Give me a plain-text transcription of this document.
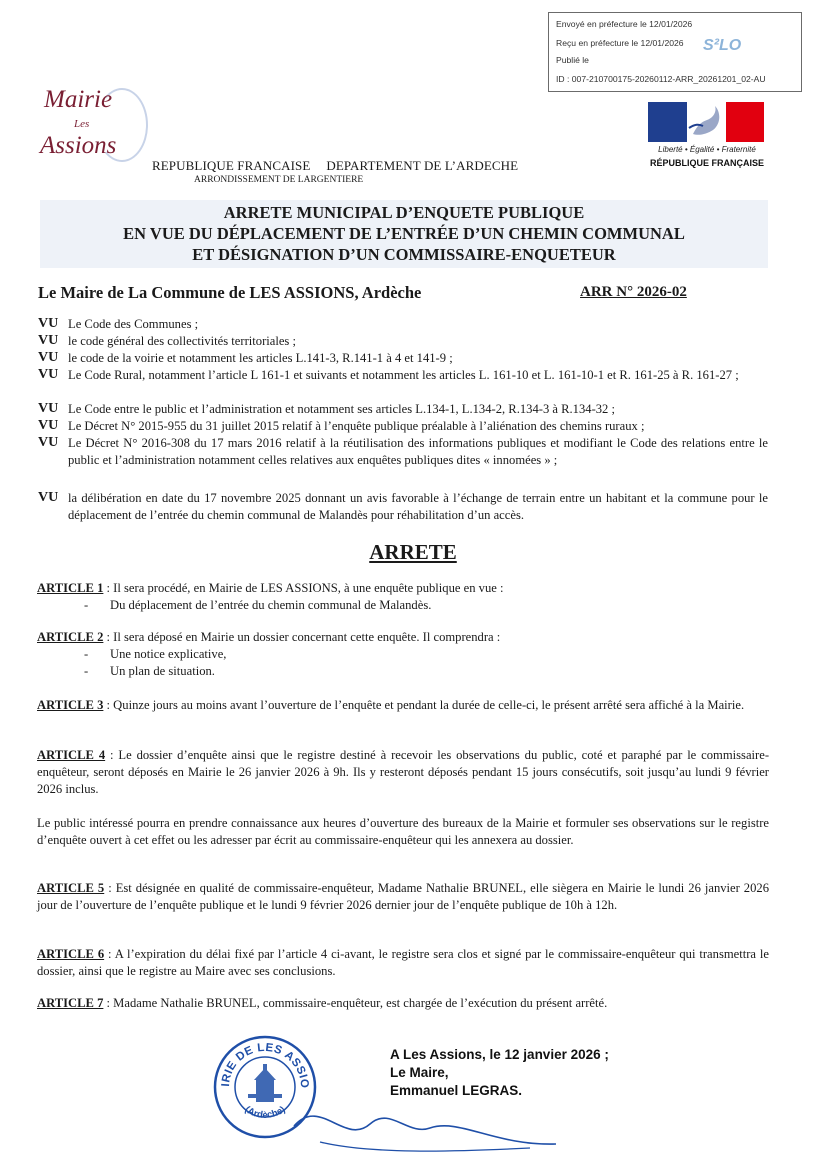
Envoyé en préfecture le 12/01/2026
Reçu en préfecture le 12/01/2026
Publié le
ID : 007-210700175-20260112-ARR_20261201_02-AU
S²LO
Mairie
Les
Assions	Liberté • Égalité • Fraternité
RÉPUBLIQUE FRANÇAISE
REPUBLIQUE FRANCAISE DEPARTEMENT DE L’ARDECHE
ARRONDISSEMENT DE LARGENTIERE
ARRETE MUNICIPAL D’ENQUETE PUBLIQUE
EN VUE DU DÉPLACEMENT DE L’ENTRÉE D’UN CHEMIN COMMUNAL
ET DÉSIGNATION D’UN COMMISSAIRE-ENQUETEUR
Le Maire de La Commune de LES ASSIONS, Ardèche	ARR N° 2026-02
VU Le Code des Communes ;
VU le code général des collectivités territoriales ;
VU le code de la voirie et notamment les articles L.141-3, R.141-1 à 4 et 141-9 ;
VU Le Code Rural, notamment l’article L 161-1 et suivants et notamment les articles L. 161-10 et L. 161-10-1 et R. 161-25 à R. 161-27 ;
VU Le Code entre le public et l’administration et notamment ses articles L.134-1, L.134-2, R.134-3 à R.134-32 ;
VU Le Décret N° 2015-955 du 31 juillet 2015 relatif à l’enquête publique préalable à l’aliénation des chemins ruraux ;
VU Le Décret N° 2016-308 du 17 mars 2016 relatif à la réutilisation des informations publiques et modifiant le Code des relations entre le public et l’administration notamment celles relatives aux enquêtes publiques dites « innomées » ;
VU la délibération en date du 17 novembre 2025 donnant un avis favorable à l’échange de terrain entre un habitant et la commune pour le déplacement de l’entrée du chemin communal de Malandès pour réhabilitation d’un accès.
ARRETE
ARTICLE 1 : Il sera procédé, en Mairie de LES ASSIONS, à une enquête publique en vue :
- Du déplacement de l’entrée du chemin communal de Malandès.
ARTICLE 2 : Il sera déposé en Mairie un dossier concernant cette enquête. Il comprendra :
- Une notice explicative,
- Un plan de situation.
ARTICLE 3 : Quinze jours au moins avant l’ouverture de l’enquête et pendant la durée de celle-ci, le présent arrêté sera affiché à la Mairie.
ARTICLE 4 : Le dossier d’enquête ainsi que le registre destiné à recevoir les observations du public, coté et paraphé par le commissaire-enquêteur, seront déposés en Mairie le 26 janvier 2026 à 9h. Ils y resteront déposés pendant 15 jours consécutifs, soit jusqu’au lundi 9 février 2026 inclus.
Le public intéressé pourra en prendre connaissance aux heures d’ouverture des bureaux de la Mairie et formuler ses observations sur le registre d’enquête ouvert à cet effet ou les adresser par écrit au commissaire-enquêteur qui les annexera au dossier.
ARTICLE 5 : Est désignée en qualité de commissaire-enquêteur, Madame Nathalie BRUNEL, elle siègera en Mairie le lundi 26 janvier 2026 jour de l’ouverture de l’enquête publique et le lundi 9 février 2026 dernier jour de l’enquête publique de 10h à 12h.
ARTICLE 6 : A l’expiration du délai fixé par l’article 4 ci-avant, le registre sera clos et signé par le commissaire-enquêteur qui transmettra le dossier, ainsi que le registre au Maire avec ses conclusions.
ARTICLE 7 : Madame Nathalie BRUNEL, commissaire-enquêteur, est chargée de l’exécution du présent arrêté.
IRIE DE LES ASSIO
(Ardèche)
A Les Assions, le 12 janvier 2026 ;
Le Maire,
Emmanuel LEGRAS.
